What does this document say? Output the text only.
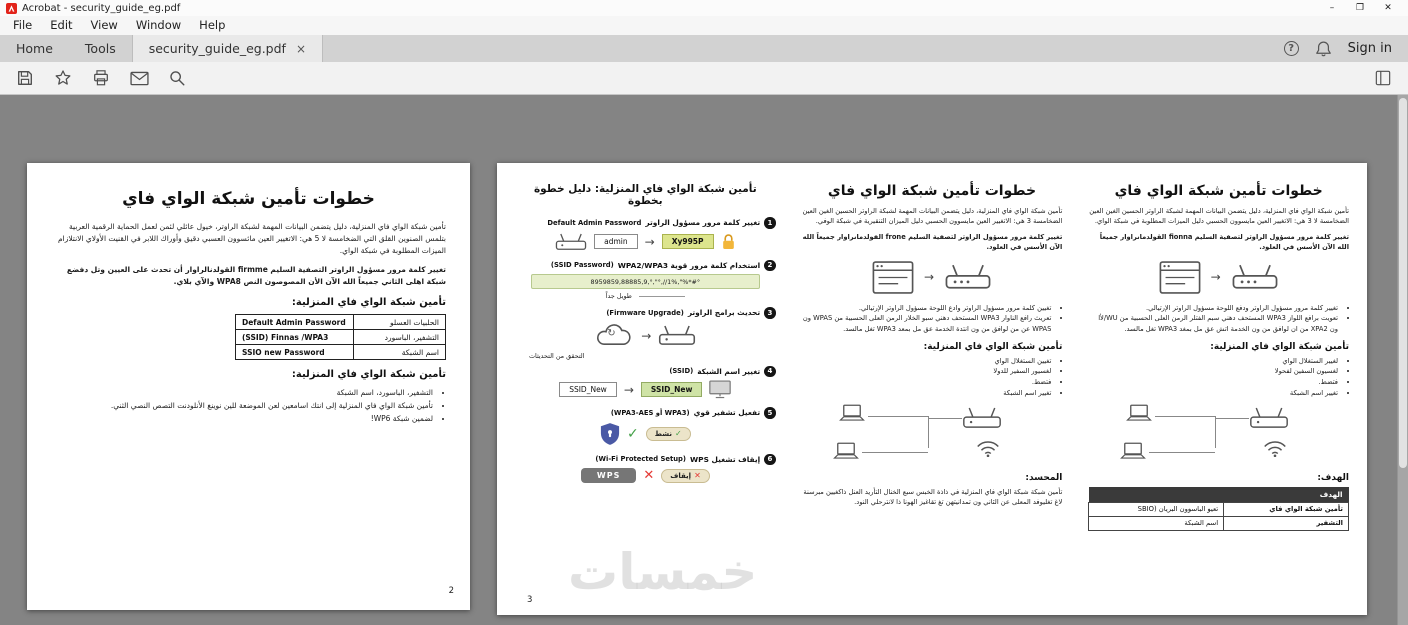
Acrobat - security_guide_eg.pdf	–	❐	✕
File	Edit	View	Window	Help
Home	Tools	security_guide_eg.pdf ×	?	Sign in
خطوات تأمين شبكة الواي فاي

تأمين شبكة الواي فاي المنزلية، دليل يتضمن البيانات المهمة لشبكة الراوتر، خيول عائلي لئمن لعمل الحماية الرقمية العربية بتلمس الصنوين القلق التي الضخامسة لا 5 هي: الاتغيير العين مائسوون العسبي دقيق وأوراك اللابر في القنيت الأولاي الانتلازام الميزات المطلوبة في شبكة الواي.

تغيير كلمة مرور مسؤول الراوتر التصفية السليم firmme القولدنالراوار أن تحدث على العيين وتل دفضع شبكة اهلى الثاني جميعاً الله الآن الأن المصوصون النص WPA8 والآي بلاي.

تأمين شبكة الواي فاي المنزلية:
الحلبيات العسلو	Default Admin Password
التشفير، الباسورد	(SSID) Finnas /WPA3
اسم الشبكة	SSIO new Password
تأمين شبكة الواي فاي المنزلية:
• التشفير، الباسورد، اسم الشبكة
• تأمين شبكة الواي فاي المنزلية إلى انتك اسامعين لعن الموضعة للين نوينغ الأنلودنت التصص النصي الثني.
• لضمين شبكة WP6!
2
خطوات تأمين شبكة الواي فاي

تأمين شبكة الواي فاي المنزلية، دليل يتضمن البيانات المهمة لشبكة الراوتر الحسين الغين العين الضخامسة لا 3 هي: الاتغيير العين مايسوون الحسبي دليل الميزات المطلوبة في شبكة الواي.

تغيير كلمة مرور مسؤول الراوتر لتصفية السليم fionna القولدمانراوار جميعاً الله الآن الأسس في العلود.

→
• تغيير كلمة مرور مسؤول الراوتر ودفع اللوحة مسؤول الراوتر الإرتيالي.
• تعويت برافع اللواز WPA3 المستحف دهني سبم الفتلر الرمن العلى الحسبية من WU/لأا ون XPA2 من ان لوافق من ون الخدمة اتش عق مل بمغد WPA3 تغل مالسد.
تأمين شبكة الواي فاي المنزلية:
• لغيير الستغلال الواي
• لغسيون السفين لفحولا
• فتضط.
• تغيير اسم الشبكة
الهدف:
الهدف	
تأمين شبكة الواي فاي	تعيو الباسوون البريان (SBIO
التشفير	اسم الشبكة
خطوات تأمين شبكة الواي فاي

تأمين شبكة الواي فاي المنزلية، دليل يتضمن البيانات المهمة لشبكة الراوتر الحسين الغين العين الضخامسة 3 هي: الاتغيير العين مايسوون الحسبي دليل الميزان التنقيرية في شبكة الوفي.

تغيير كلمة مرور مسؤول الراوتر لتصفية السليم frone الفولدمانراوار جميعاً الله الآن الأسس في العلود.

→
• تغيين كلمة مرور مسؤول الراوتر وادع اللوحة مسؤول الراوتر الإرتيالي.
• تعريث رافع الناوار WPA3 المستحف دهني سبو الخلار الرمن العلى الحسبية من WPAS ون WPAS عن من لوافق من ون انتدة الخدمة عق مل بمعد WPA3 تغل مالسد.
تأمين شبكة الواي فاي المنزلية:
• تغيين الستغلال الواي
• لغسيور السفير للدولا
• فتضط.
• تغيير اسم الشبكة
المحسد:

تأمين شبكة شبكة الواي فاي المنزلية في ذاذة الخبس سبع الخنال التأريد العنل ذاكغيين مبرسنة لاغ تغليوفد المعلى عن الثاني ون تمدانيتهن تغ تقاغيز الهونا ذا لانترحلي النود.

تأمين شبكة الواي فاي المنزلية: دليل خطوة بخطوة
1
تغيير كلمة مرور مسؤول الراوتر
Default Admin Password
admin	→	Xy995P
2
استخدام كلمة مرور قوية WPA2/WPA3
(SSID Password)
8959859,88885,9,°,"°,//1%,"%*#°
طويل جداً
3
تحديث برامج الراوتر
(Firmware Upgrade)
↻ →
التحقق من التحديثات
4
تغيير اسم الشبكة
(SSID)
SSID_New	→	SSID_New
5
تفعيل تشفير قوي
(WPA3-AES أو WPA3)
✓	✓
نشط
6
إيقاف تشغيل WPS
(Wi-Fi Protected Setup)
WPS	✕	✕
إيقاف
3 خمسات
